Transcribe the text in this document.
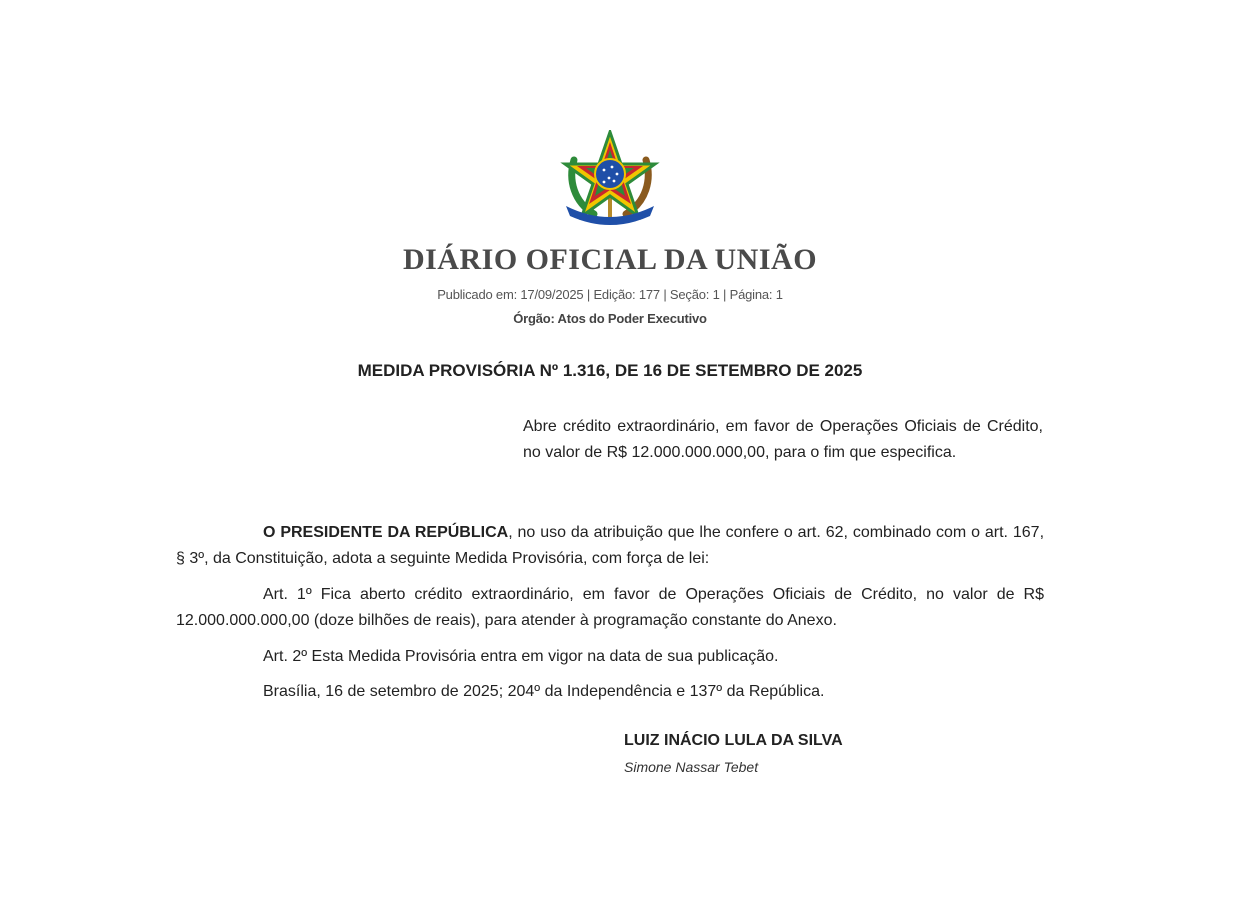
DIÁRIO OFICIAL DA UNIÃO
Publicado em: 17/09/2025 | Edição: 177 | Seção: 1 | Página: 1
Órgão: Atos do Poder Executivo
MEDIDA PROVISÓRIA Nº 1.316, DE 16 DE SETEMBRO DE 2025
Abre crédito extraordinário, em favor de Operações Oficiais de Crédito, no valor de R$ 12.000.000.000,00, para o fim que especifica.

O PRESIDENTE DA REPÚBLICA, no uso da atribuição que lhe confere o art. 62, combinado com o art. 167, § 3º, da Constituição, adota a seguinte Medida Provisória, com força de lei:

Art. 1º Fica aberto crédito extraordinário, em favor de Operações Oficiais de Crédito, no valor de R$ 12.000.000.000,00 (doze bilhões de reais), para atender à programação constante do Anexo.

Art. 2º Esta Medida Provisória entra em vigor na data de sua publicação.

Brasília, 16 de setembro de 2025; 204º da Independência e 137º da República.

LUIZ INÁCIO LULA DA SILVA
Simone Nassar Tebet
